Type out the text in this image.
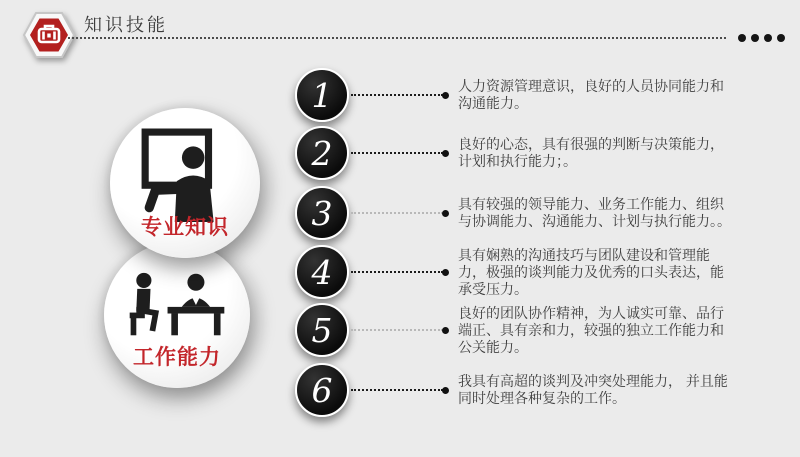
知识技能
专业知识
工作能力
1	人力资源管理意识，良好的人员协同能力和沟通能力。
2	良好的心态，具有很强的判断与决策能力，计划和执行能力；。
3	具有较强的领导能力、业务工作能力、组织与协调能力、沟通能力、计划与执行能力。。
4	具有娴熟的沟通技巧与团队建设和管理能力，极强的谈判能力及优秀的口头表达，能承受压力。
5	良好的团队协作精神，为人诚实可靠、品行端正、具有亲和力，较强的独立工作能力和公关能力。
6	我具有高超的谈判及冲突处理能力， 并且能同时处理各种复杂的工作。
